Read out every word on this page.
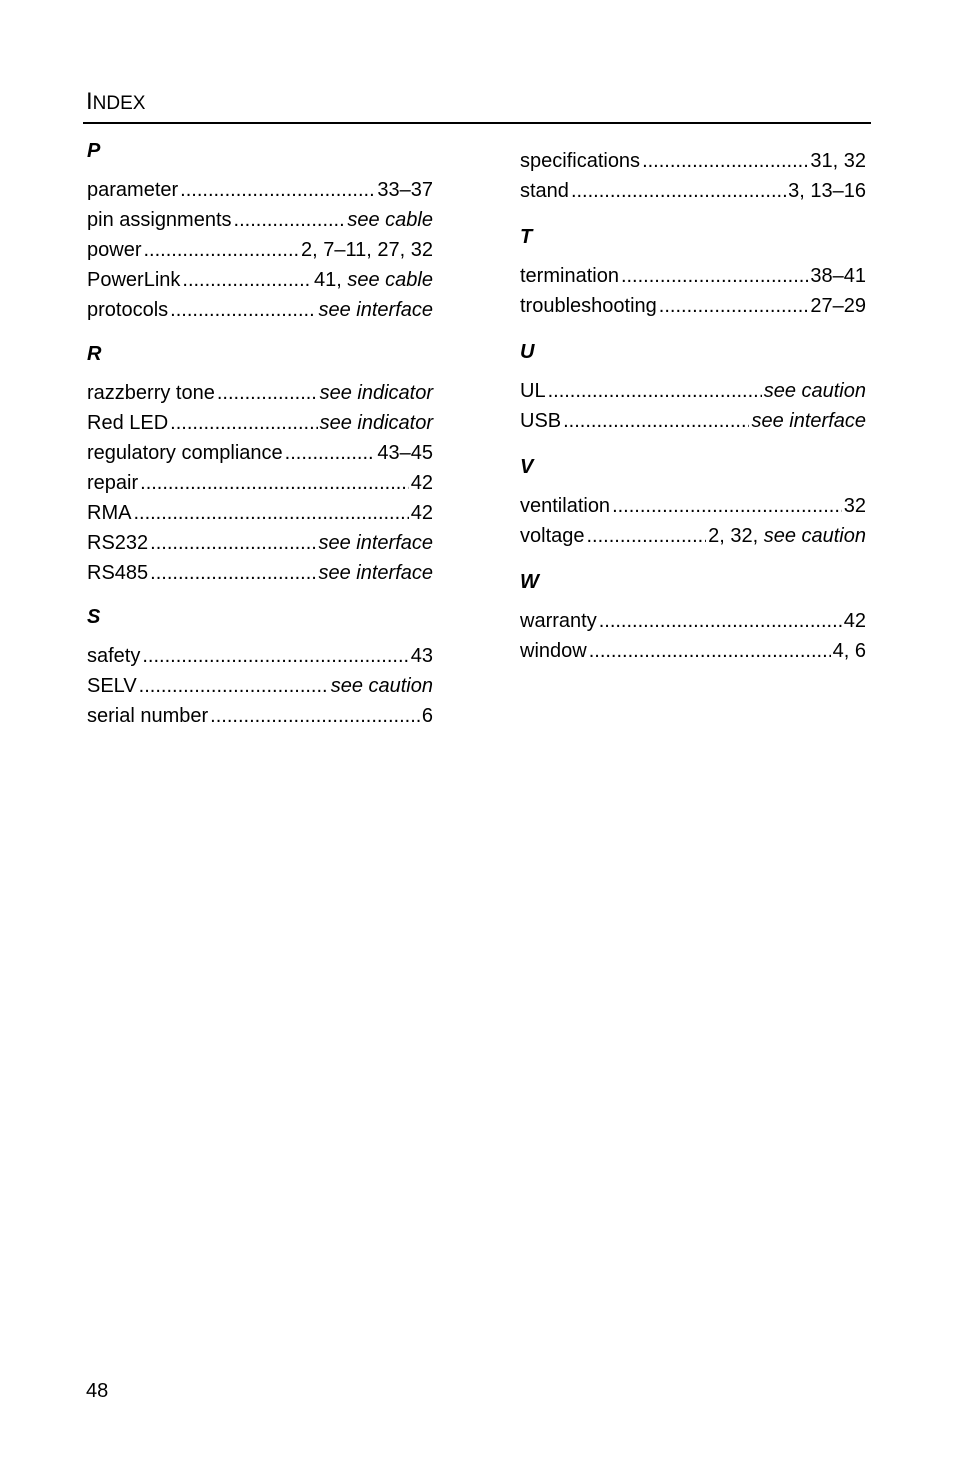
INDEX
P
parameter .....	33–37
pin assignments .....	see cable
power .....	2, 7–11, 27, 32
PowerLink .....	41, see cable
protocols .....	see interface
R
razzberry tone .....	see indicator
Red LED .....	see indicator
regulatory compliance .....	43–45
repair .....	42
RMA .....	42
RS232 .....	see interface
RS485 .....	see interface
S
safety .....	43
SELV .....	see caution
serial number .....	6
specifications .....	31, 32
stand .....	3, 13–16
T
termination .....	38–41
troubleshooting .....	27–29
U
UL .....	see caution
USB .....	see interface
V
ventilation .....	32
voltage .....	2, 32, see caution
W
warranty .....	42
window .....	4, 6
48
